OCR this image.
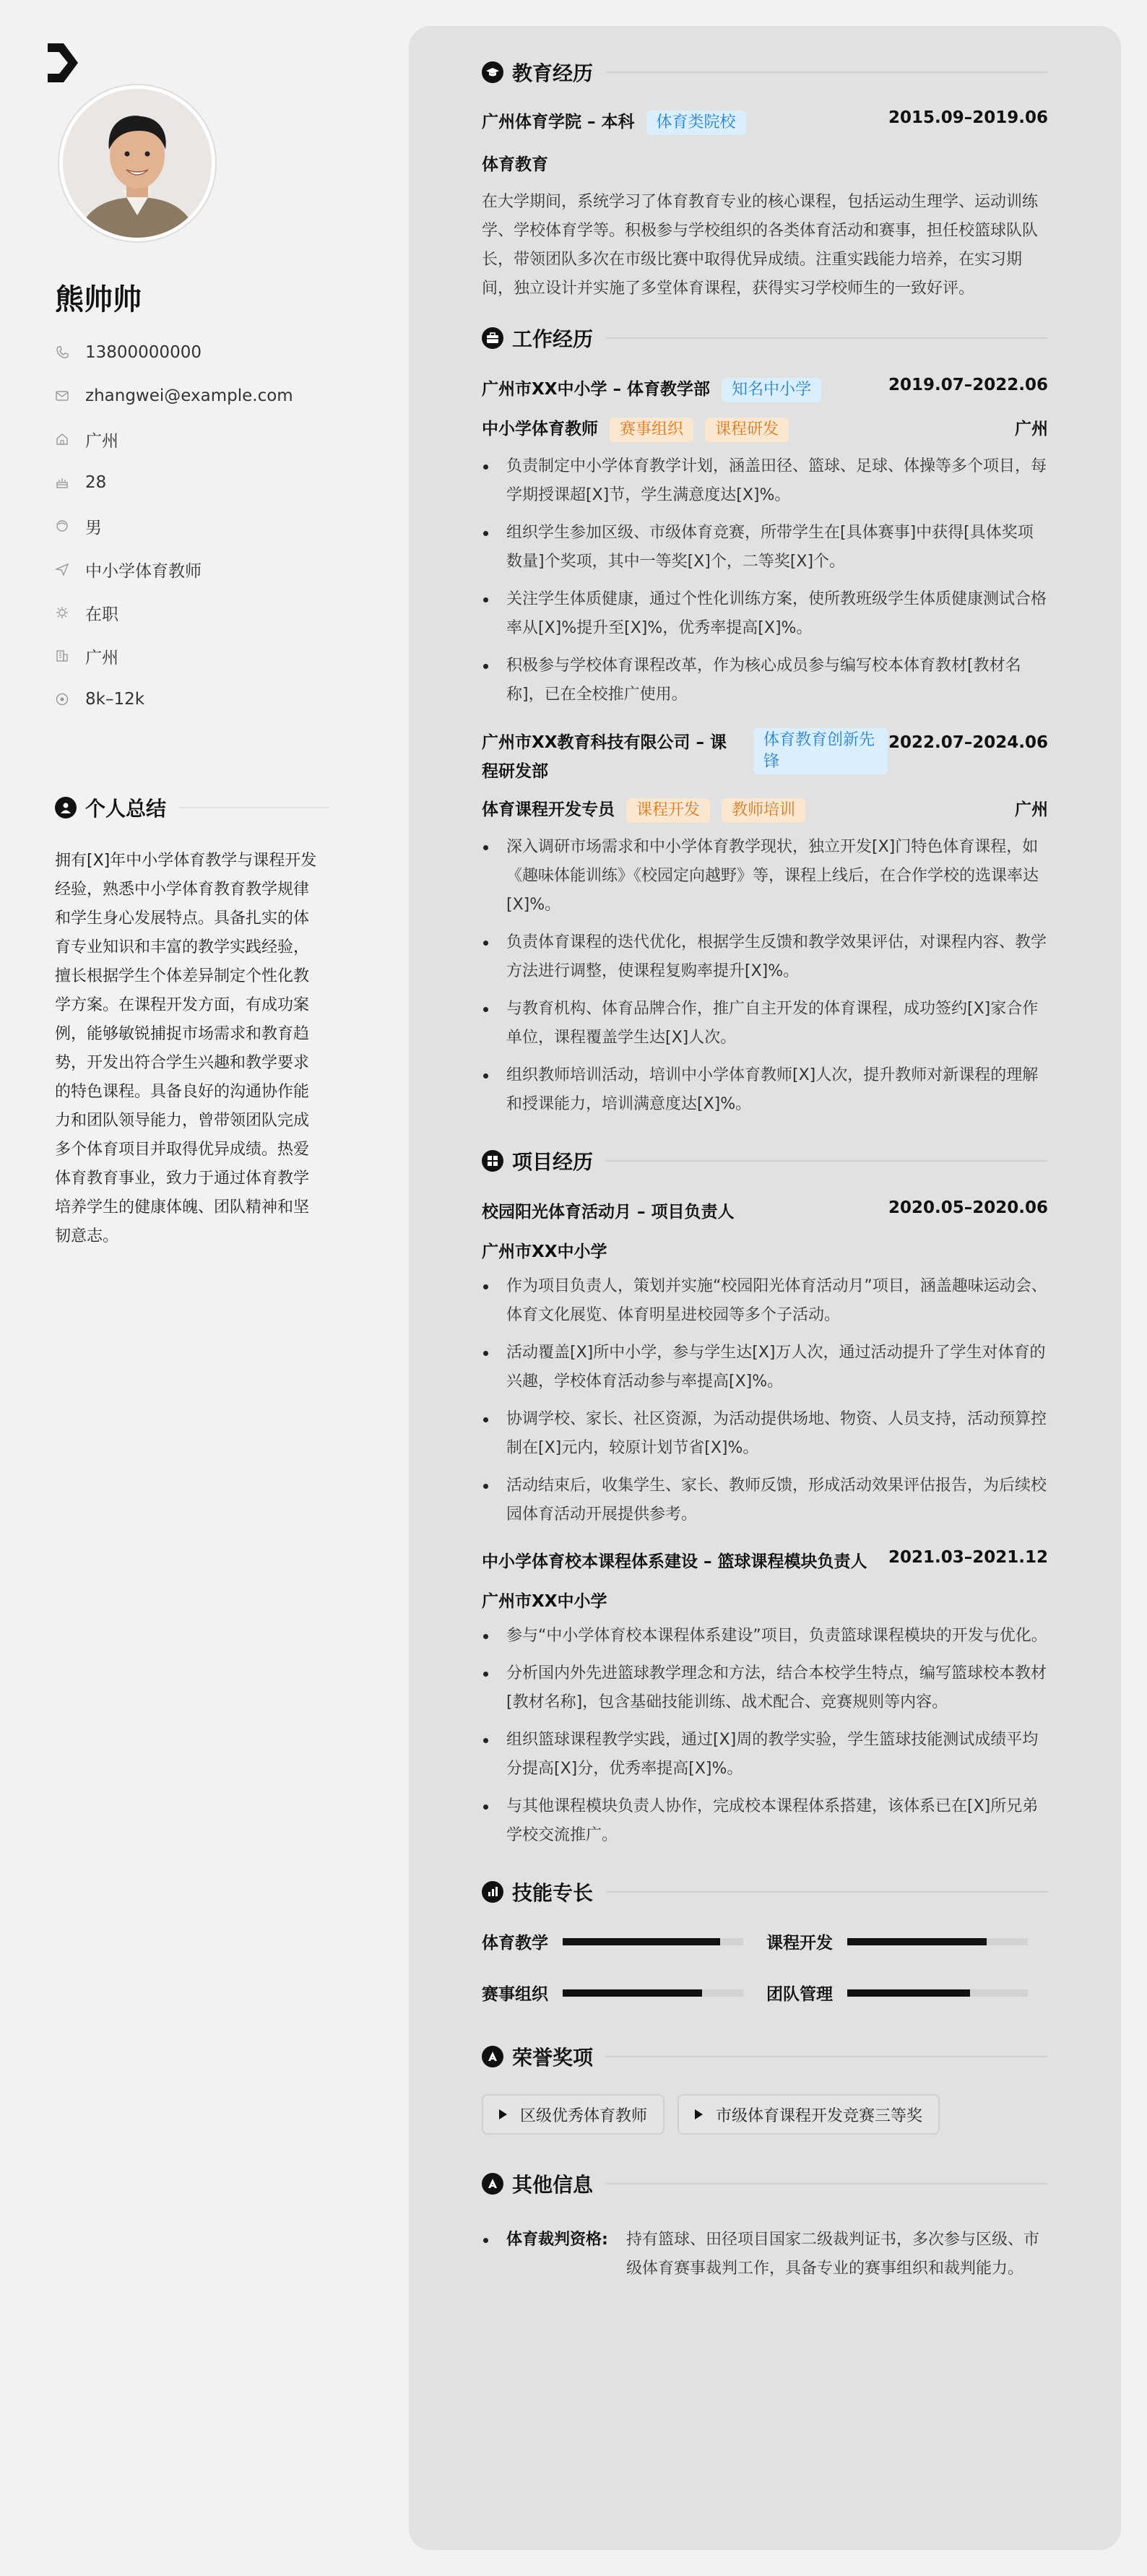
熊帅帅
13800000000
zhangwei@example.com
广州
28
男
中小学体育教师
在职
广州
8k–12k
个人总结
拥有[X]年中小学体育教学与课程开发经验，熟悉中小学体育教育教学规律和学生身心发展特点。具备扎实的体育专业知识和丰富的教学实践经验，擅长根据学生个体差异制定个性化教学方案。在课程开发方面，有成功案例，能够敏锐捕捉市场需求和教育趋势，开发出符合学生兴趣和教学要求的特色课程。具备良好的沟通协作能力和团队领导能力，曾带领团队完成多个体育项目并取得优异成绩。热爱体育教育事业，致力于通过体育教学培养学生的健康体魄、团队精神和坚韧意志。
教育经历
广州体育学院 – 本科 体育类院校	2015.09–2019.06
体育教育
在大学期间，系统学习了体育教育专业的核心课程，包括运动生理学、运动训练学、学校体育学等。积极参与学校组织的各类体育活动和赛事，担任校篮球队队长，带领团队多次在市级比赛中取得优异成绩。注重实践能力培养，在实习期间，独立设计并实施了多堂体育课程，获得实习学校师生的一致好评。
工作经历
广州市XX中小学 – 体育教学部 知名中小学	2019.07–2022.06
中小学体育教师 赛事组织 课程研发	广州
负责制定中小学体育教学计划，涵盖田径、篮球、足球、体操等多个项目，每学期授课超[X]节，学生满意度达[X]%。
组织学生参加区级、市级体育竞赛，所带学生在[具体赛事]中获得[具体奖项数量]个奖项，其中一等奖[X]个，二等奖[X]个。
关注学生体质健康，通过个性化训练方案，使所教班级学生体质健康测试合格率从[X]%提升至[X]%，优秀率提高[X]%。
积极参与学校体育课程改革，作为核心成员参与编写校本体育教材[教材名称]，已在全校推广使用。
广州市XX教育科技有限公司 – 课程研发部
体育教育创新先锋
2022.07–2024.06
体育课程开发专员 课程开发 教师培训	广州
深入调研市场需求和中小学体育教学现状，独立开发[X]门特色体育课程，如《趣味体能训练》《校园定向越野》等，课程上线后，在合作学校的选课率达[X]%。
负责体育课程的迭代优化，根据学生反馈和教学效果评估，对课程内容、教学方法进行调整，使课程复购率提升[X]%。
与教育机构、体育品牌合作，推广自主开发的体育课程，成功签约[X]家合作单位，课程覆盖学生达[X]人次。
组织教师培训活动，培训中小学体育教师[X]人次，提升教师对新课程的理解和授课能力，培训满意度达[X]%。
项目经历
校园阳光体育活动月 – 项目负责人	2020.05–2020.06
广州市XX中小学
作为项目负责人，策划并实施“校园阳光体育活动月”项目，涵盖趣味运动会、体育文化展览、体育明星进校园等多个子活动。
活动覆盖[X]所中小学，参与学生达[X]万人次，通过活动提升了学生对体育的兴趣，学校体育活动参与率提高[X]%。
协调学校、家长、社区资源，为活动提供场地、物资、人员支持，活动预算控制在[X]元内，较原计划节省[X]%。
活动结束后，收集学生、家长、教师反馈，形成活动效果评估报告，为后续校园体育活动开展提供参考。
中小学体育校本课程体系建设 – 篮球课程模块负责人 2021.03–2021.12
广州市XX中小学
参与“中小学体育校本课程体系建设”项目，负责篮球课程模块的开发与优化。
分析国内外先进篮球教学理念和方法，结合本校学生特点，编写篮球校本教材[教材名称]，包含基础技能训练、战术配合、竞赛规则等内容。
组织篮球课程教学实践，通过[X]周的教学实验，学生篮球技能测试成绩平均分提高[X]分，优秀率提高[X]%。
与其他课程模块负责人协作，完成校本课程体系搭建，该体系已在[X]所兄弟学校交流推广。
技能专长
体育教学	课程开发
赛事组织	团队管理
荣誉奖项
区级优秀体育教师	市级体育课程开发竞赛三等奖
其他信息
体育裁判资格:	持有篮球、田径项目国家二级裁判证书，多次参与区级、市级体育赛事裁判工作，具备专业的赛事组织和裁判能力。
